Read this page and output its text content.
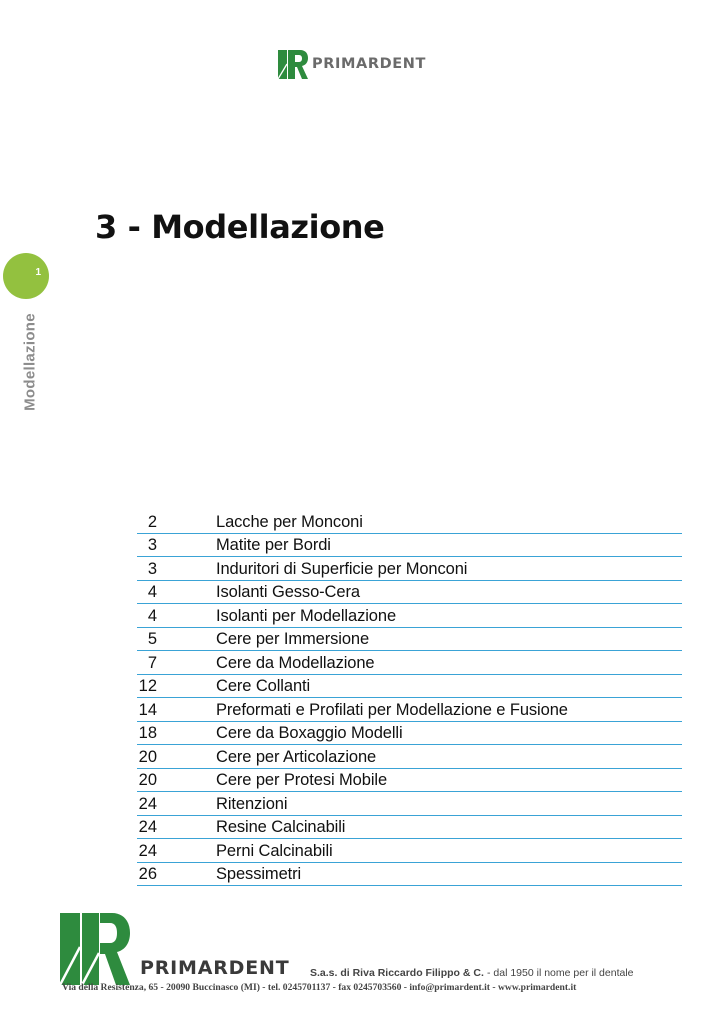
PRIMARDENT
3 - Modellazione
1
Modellazione
2	Lacche per Monconi
3	Matite per Bordi
3	Induritori di Superficie per Monconi
4	Isolanti Gesso-Cera
4	Isolanti per Modellazione
5	Cere per Immersione
7	Cere da Modellazione
12	Cere Collanti
14	Preformati e Profilati per Modellazione e Fusione
18	Cere da Boxaggio Modelli
20	Cere per Articolazione
20	Cere per Protesi Mobile
24	Ritenzioni
24	Resine Calcinabili
24	Perni Calcinabili
26	Spessimetri
PRIMARDENT S.a.s. di Riva Riccardo Filippo & C. - dal 1950 il nome per il dentale
Via della Resistenza, 65 - 20090 Buccinasco (MI) - tel. 0245701137 - fax 0245703560 - info@primardent.it - www.primardent.it
